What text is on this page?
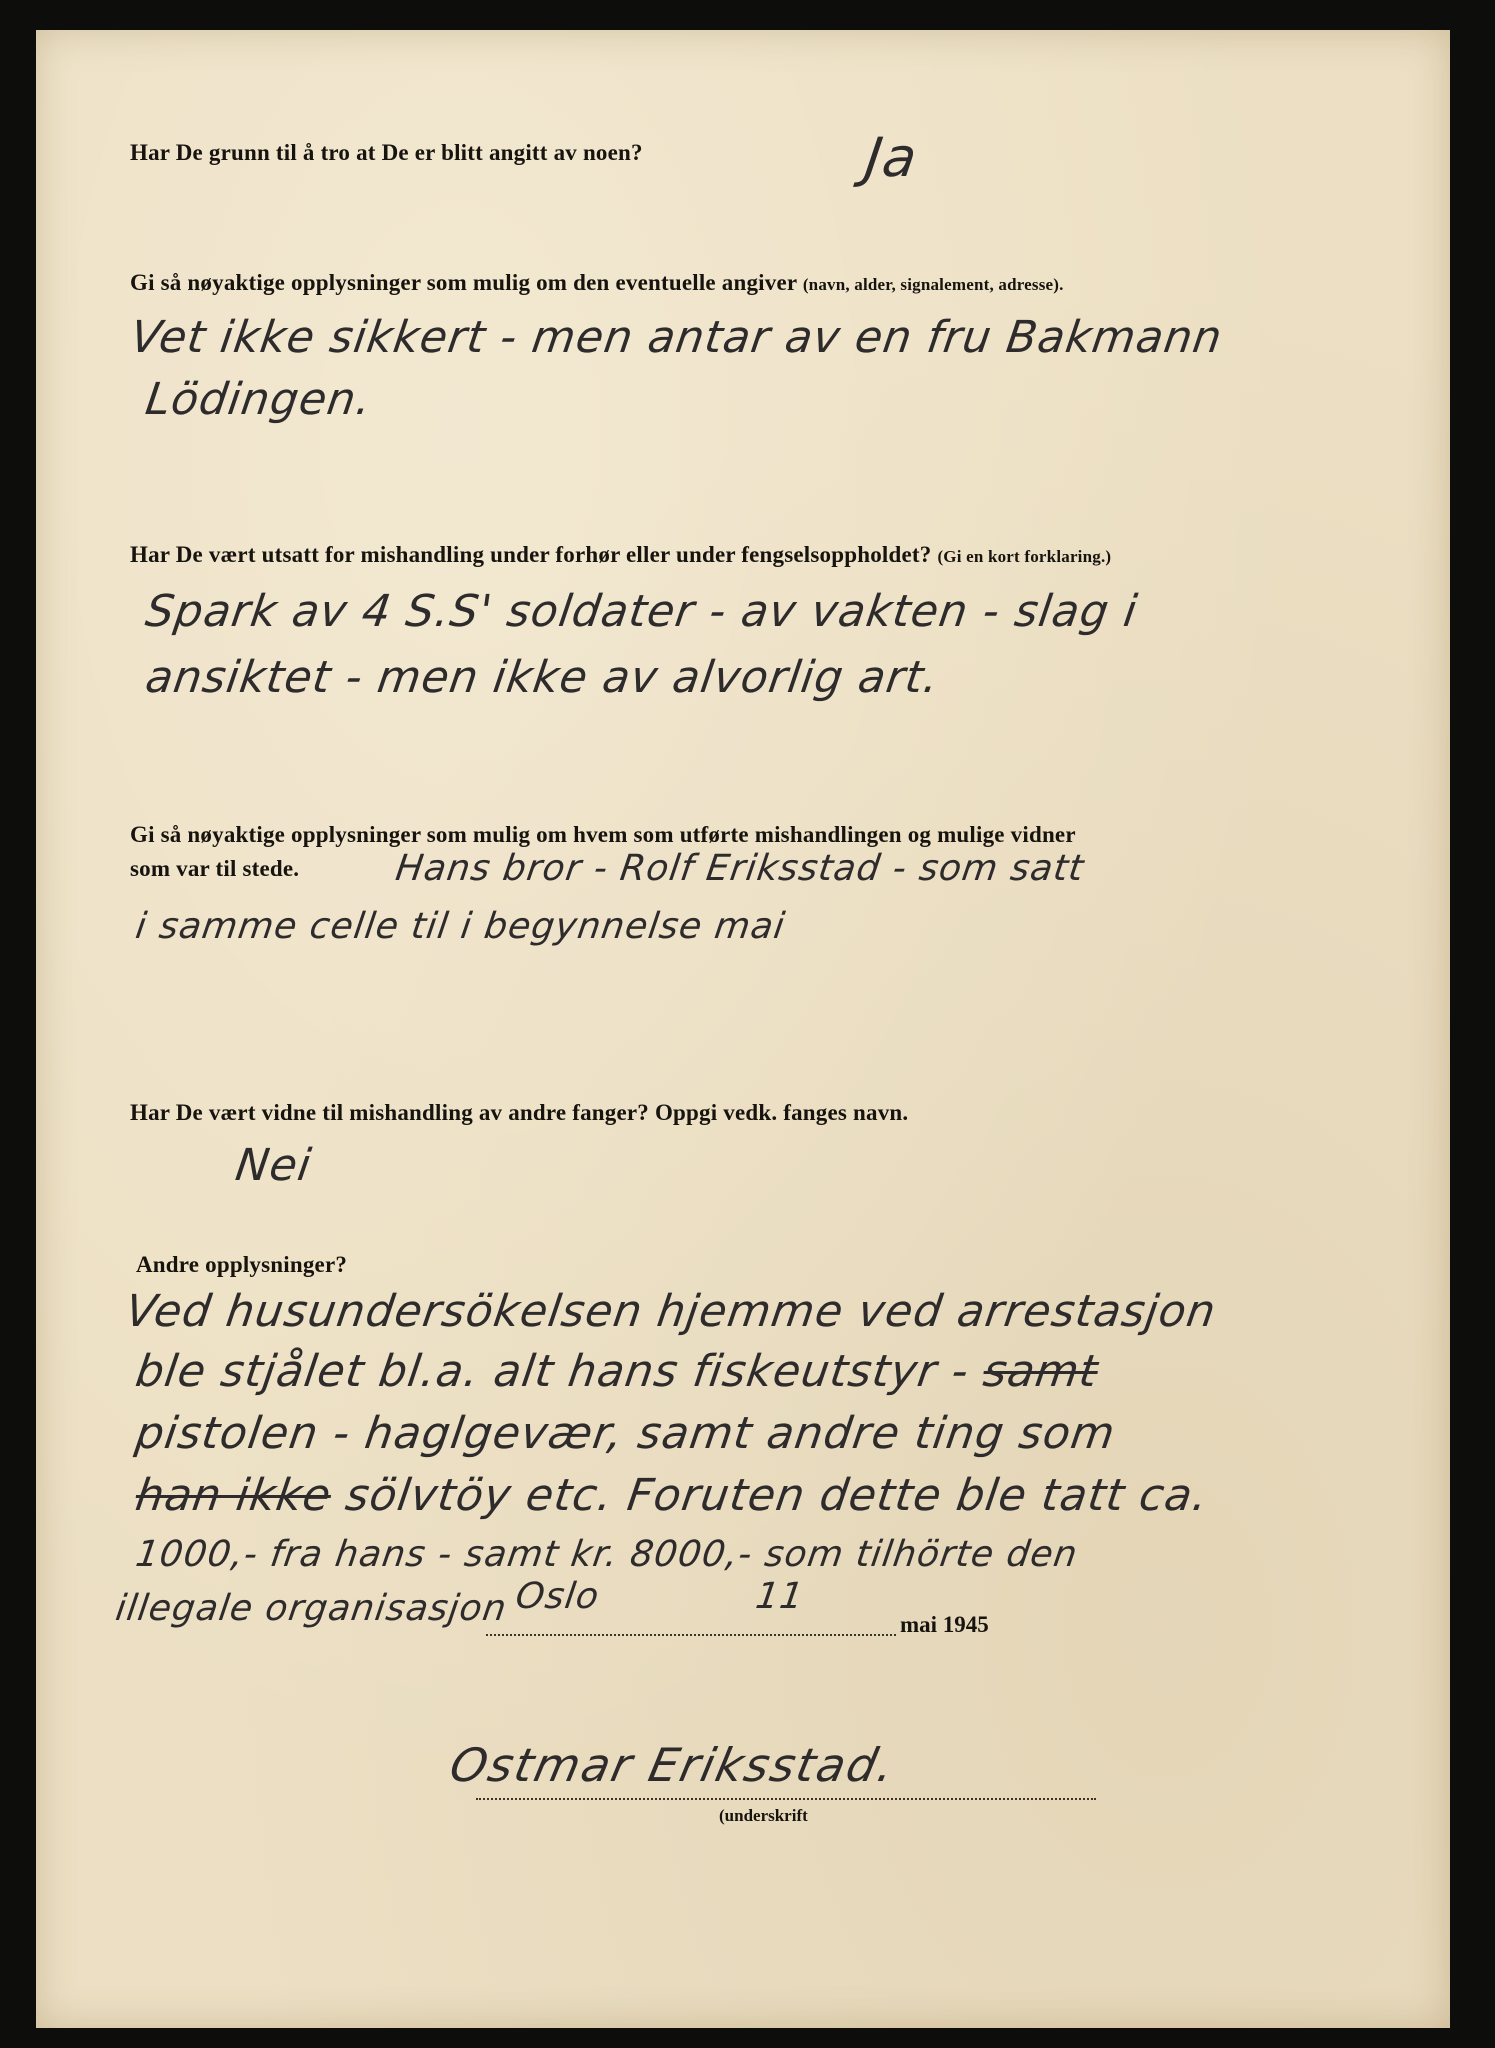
Har De grunn til å tro at De er blitt angitt av noen?	Ja

Gi så nøyaktige opplysninger som mulig om den eventuelle angiver (navn, alder, signalement, adresse).

Vet ikke sikkert - men antar av en fru Bakmann

Lödingen.

Har De vært utsatt for mishandling under forhør eller under fengselsoppholdet? (Gi en kort forklaring.)

Spark av 4 S.S' soldater - av vakten - slag i

ansiktet - men ikke av alvorlig art.

Gi så nøyaktige opplysninger som mulig om hvem som utførte mishandlingen og mulige vidner

som var til stede.	Hans bror - Rolf Eriksstad - som satt

i samme celle til i begynnelse mai

Har De vært vidne til mishandling av andre fanger? Oppgi vedk. fanges navn.

Nei

Andre opplysninger?

Ved husundersökelsen hjemme ved arrestasjon

ble stjålet bl.a. alt hans fiskeutstyr - samt

pistolen - haglgevær, samt andre ting som

han ikke sölvtöy etc. Foruten dette ble tatt ca.

1000,- fra hans - samt kr. 8000,- som tilhörte den

illegale organisasjon Oslo	11

mai 1945

Ostmar Eriksstad.

(underskrift
